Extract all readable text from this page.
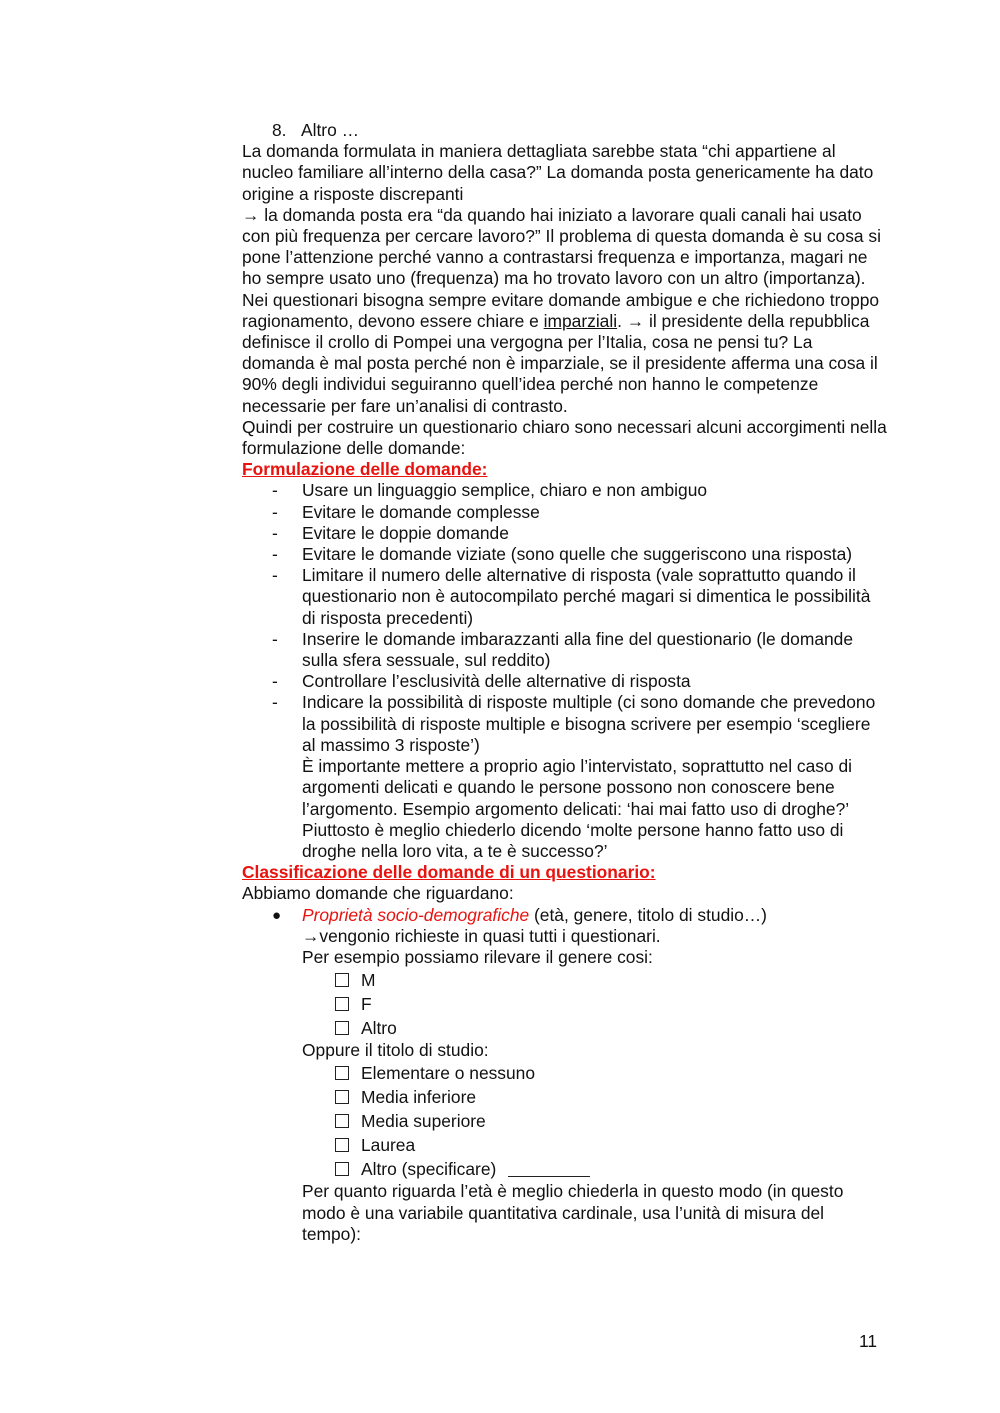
8. Altro …

La domanda formulata in maniera dettagliata sarebbe stata “chi appartiene al nucleo familiare all’interno della casa?” La domanda posta genericamente ha dato origine a risposte discrepanti

→ la domanda posta era “da quando hai iniziato a lavorare quali canali hai usato con più frequenza per cercare lavoro?” Il problema di questa domanda è su cosa si pone l’attenzione perché vanno a contrastarsi frequenza e importanza, magari ne ho sempre usato uno (frequenza) ma ho trovato lavoro con un altro (importanza).

Nei questionari bisogna sempre evitare domande ambigue e che richiedono troppo ragionamento, devono essere chiare e imparziali. → il presidente della repubblica definisce il crollo di Pompei una vergogna per l’Italia, cosa ne pensi tu? La domanda è mal posta perché non è imparziale, se il presidente afferma una cosa il 90% degli individui seguiranno quell’idea perché non hanno le competenze necessarie per fare un’analisi di contrasto.

Quindi per costruire un questionario chiaro sono necessari alcuni accorgimenti nella formulazione delle domande:

Formulazione delle domande:

- Usare un linguaggio semplice, chiaro e non ambiguo
- Evitare le domande complesse
- Evitare le doppie domande
- Evitare le domande viziate (sono quelle che suggeriscono una risposta)
- Limitare il numero delle alternative di risposta (vale soprattutto quando il questionario non è autocompilato perché magari si dimentica le possibilità di risposta precedenti)
- Inserire le domande imbarazzanti alla fine del questionario (le domande sulla sfera sessuale, sul reddito)
- Controllare l’esclusività delle alternative di risposta
- Indicare la possibilità di risposte multiple (ci sono domande che prevedono la possibilità di risposte multiple e bisogna scrivere per esempio ‘scegliere al massimo 3 risposte’)

È importante mettere a proprio agio l’intervistato, soprattutto nel caso di argomenti delicati e quando le persone possono non conoscere bene l’argomento. Esempio argomento delicati: ‘hai mai fatto uso di droghe?’ Piuttosto è meglio chiederlo dicendo ‘molte persone hanno fatto uso di droghe nella loro vita, a te è successo?’

Classificazione delle domande di un questionario:

Abbiamo domande che riguardano:

● Proprietà socio-demografiche (età, genere, titolo di studio…)

→vengonio richieste in quasi tutti i questionari.

Per esempio possiamo rilevare il genere cosi:

M
F
Altro

Oppure il titolo di studio:

Elementare o nessuno
Media inferiore
Media superiore
Laurea
Altro (specificare)

Per quanto riguarda l’età è meglio chiederla in questo modo (in questo modo è una variabile quantitativa cardinale, usa l’unità di misura del tempo):

11
